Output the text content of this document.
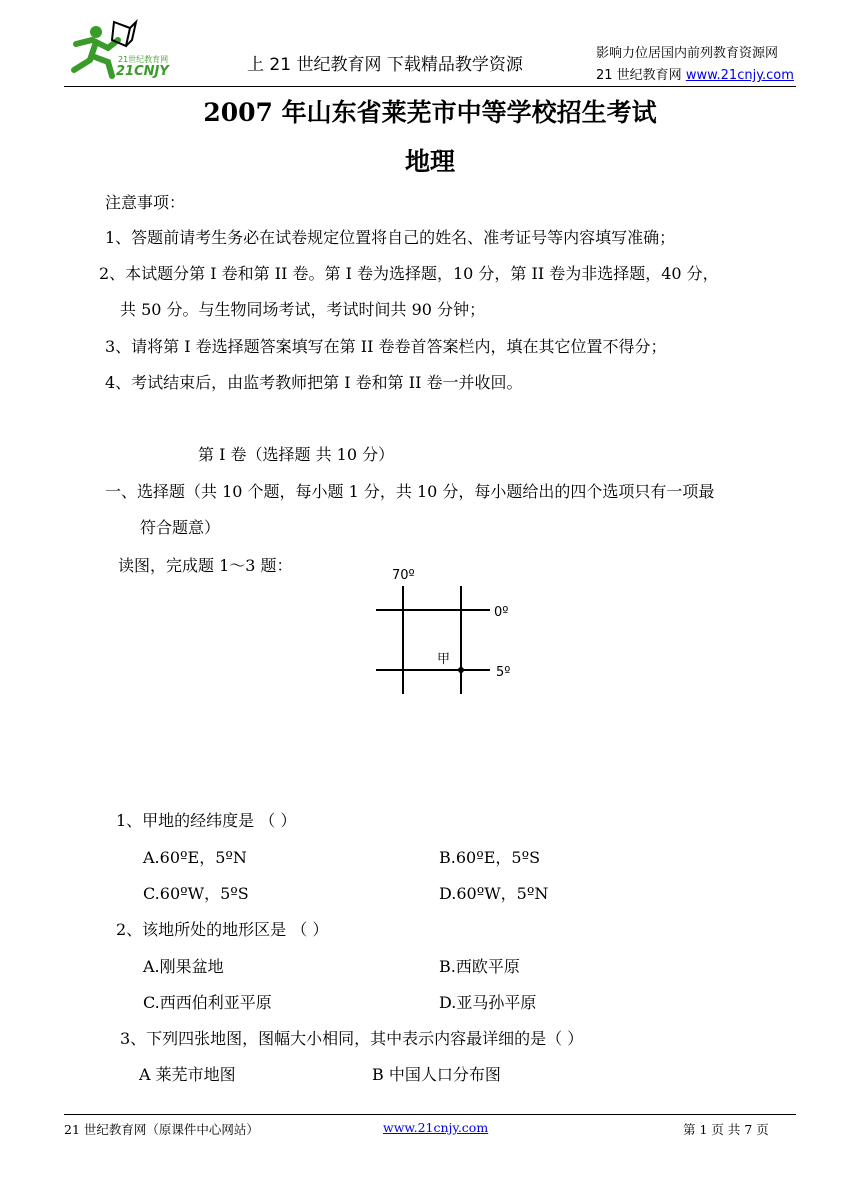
21世纪教育网
21CNJY	上 21 世纪教育网 下载精品教学资源
影响力位居国内前列教育资源网
21 世纪教育网 www.21cnjy.com
2007 年山东省莱芜市中等学校招生考试
地理
注意事项：
1、答题前请考生务必在试卷规定位置将自己的姓名、准考证号等内容填写准确；
2、本试题分第 I 卷和第 II 卷。第 I 卷为选择题，10 分，第 II 卷为非选择题，40 分，
共 50 分。与生物同场考试，考试时间共 90 分钟；
3、请将第 I 卷选择题答案填写在第 II 卷卷首答案栏内，填在其它位置不得分；
4、考试结束后，由监考教师把第 I 卷和第 II 卷一并收回。
第 I 卷（选择题 共 10 分）
一、选择题（共 10 个题，每小题 1 分，共 10 分，每小题给出的四个选项只有一项最
符合题意）
读图，完成题 1～3 题：
70º
0º
5º
甲
1、甲地的经纬度是 （ ）
A.60ºE，5ºN	B.60ºE，5ºS
C.60ºW，5ºS	D.60ºW，5ºN
2、该地所处的地形区是 （ ）
A.刚果盆地	B.西欧平原
C.西西伯利亚平原	D.亚马孙平原
3、下列四张地图，图幅大小相同，其中表示内容最详细的是（ ）
A 莱芜市地图	B 中国人口分布图
21 世纪教育网（原课件中心网站）	www.21cnjy.com	第 1 页 共 7 页
